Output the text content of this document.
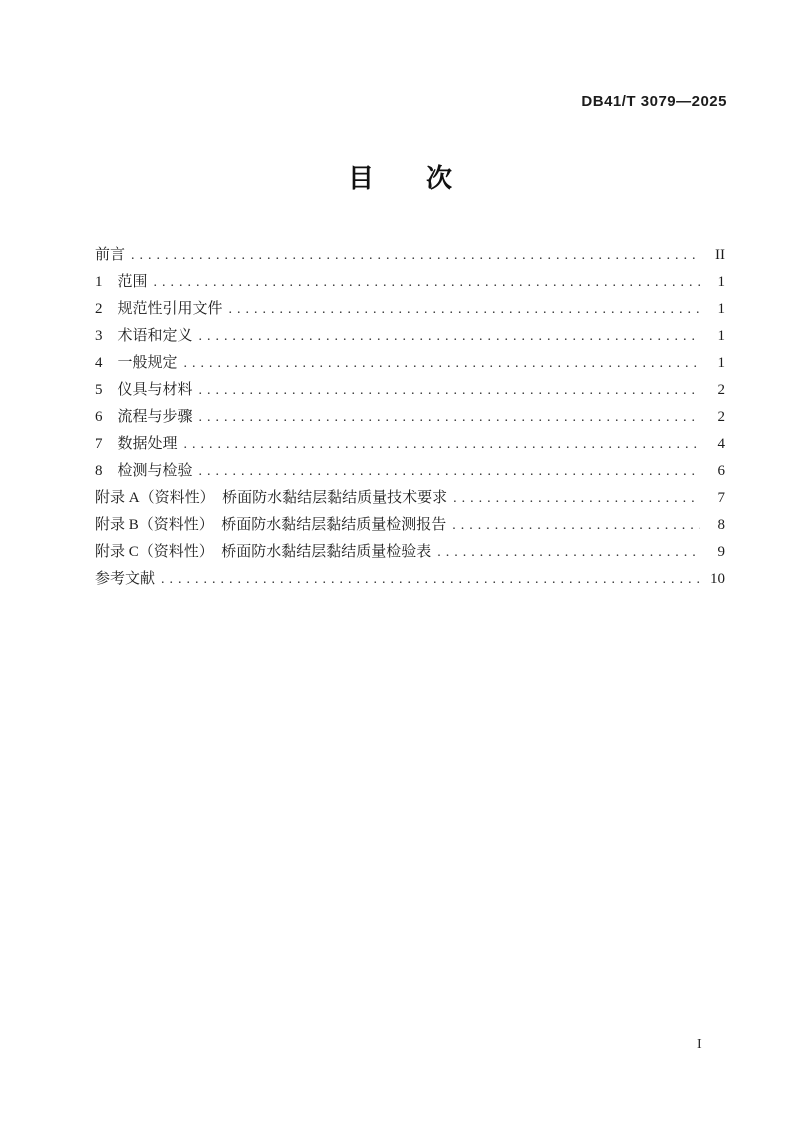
DB41/T 3079—2025
目　　次
前言 .....	II
1　范围 .....	1
2　规范性引用文件 .....	1
3　术语和定义 .....	1
4　一般规定 .....	1
5　仪具与材料 .....	2
6　流程与步骤 .....	2
7　数据处理 .....	4
8　检测与检验 .....	6
附录 A（资料性）　桥面防水黏结层黏结质量技术要求 .....	7
附录 B（资料性）　桥面防水黏结层黏结质量检测报告 .....	8
附录 C（资料性）　桥面防水黏结层黏结质量检验表 .....	9
参考文献 .....	10
I
